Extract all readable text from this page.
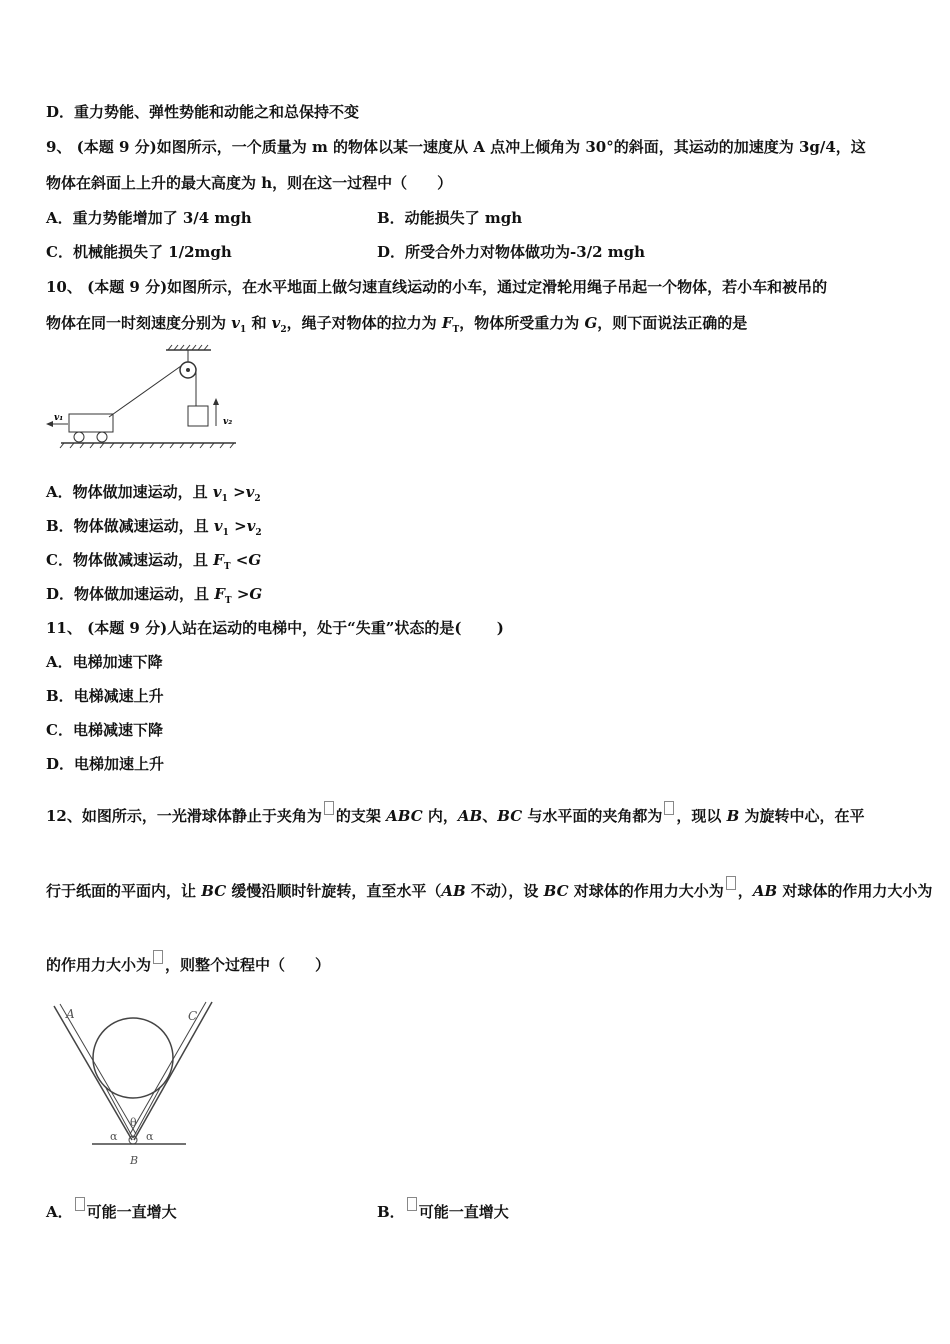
D．重力势能、弹性势能和动能之和总保持不变
9、 (本题 9 分)如图所示，一个质量为 m 的物体以某一速度从 A 点冲上倾角为 30°的斜面，其运动的加速度为 3g/4，这
物体在斜面上上升的最大高度为 h，则在这一过程中（　　）
A．重力势能增加了 3/4 mgh	B．动能损失了 mgh
C．机械能损失了 1/2mgh	D．所受合外力对物体做功为-3/2 mgh
10、 (本题 9 分)如图所示，在水平地面上做匀速直线运动的小车，通过定滑轮用绳子吊起一个物体，若小车和被吊的
物体在同一时刻速度分别为 $v_1$ 和 $v_2$，绳子对物体的拉力为 $F_T$，物体所受重力为 G，则下面说法正确的是
v₂
v₁
A．物体做加速运动，且 $v_1 >v_2$
B．物体做减速运动，且 $v_1 >v_2$
C．物体做减速运动，且 $F_T <G$
D．物体做加速运动，且 $F_T >G$
11、 (本题 9 分)人站在运动的电梯中，处于“失重”状态的是(　　 )
A．电梯加速下降
B．电梯减速上升
C．电梯减速下降
D．电梯加速上升
12、如图所示，一光滑球体静止于夹角为 的支架 ABC 内，AB、BC 与水平面的夹角都为 ，现以 B 为旋转中心，在平
行于纸面的平面内，让 BC 缓慢沿顺时针旋转，直至水平（AB 不动），设 BC 对球体的作用力大小为 ，AB 对球体的作用力大小为
的作用力大小为 ，则整个过程中（　　）
A	C
B
θ
α	α
A． 可能一直增大	B． 可能一直增大
